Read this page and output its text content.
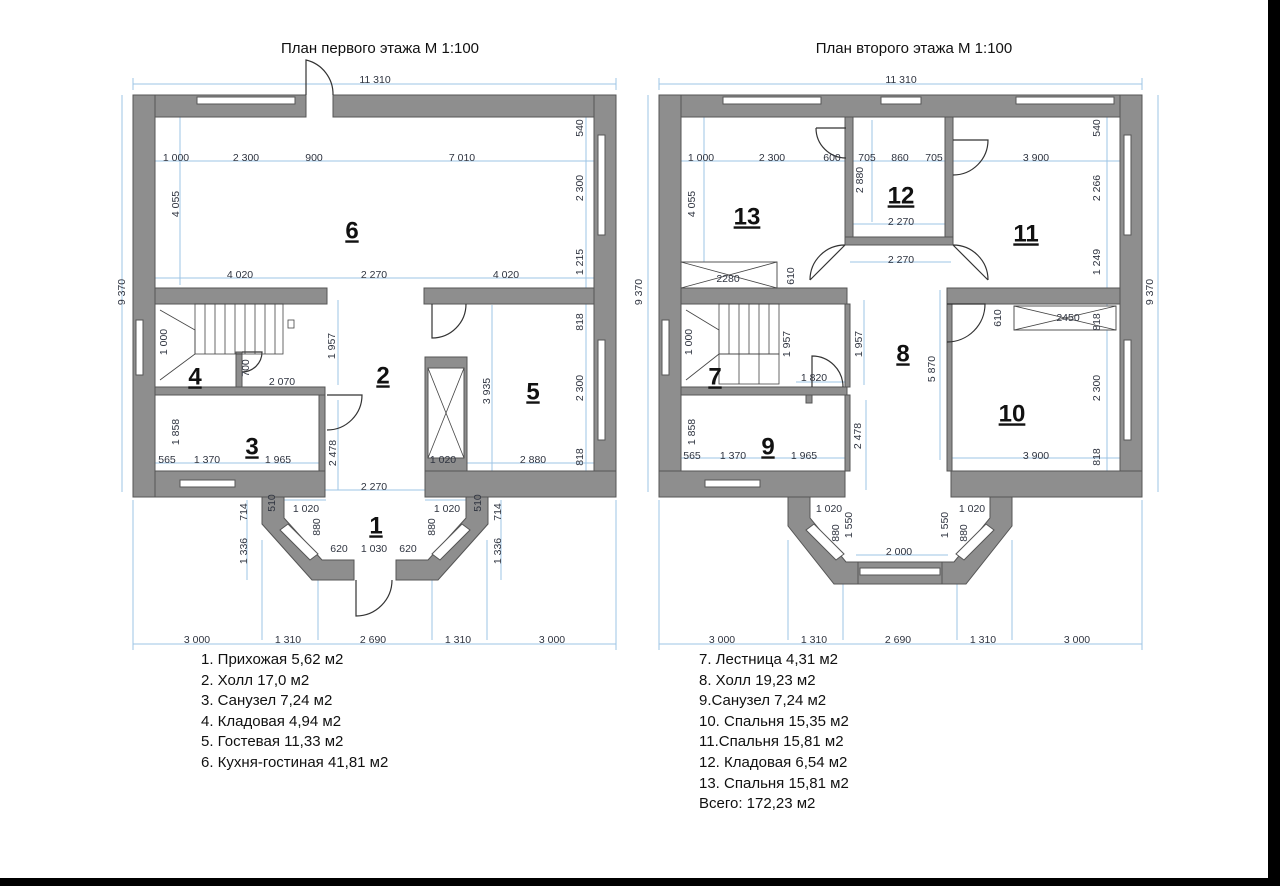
План первого этажа М 1:100
1
2
3
4
5
6
11 310
1 000	2 300	900	7 010
4 020	2 270	4 020
2 070
565 1 370	1 965	1 020	2 880
2 270
1 020	1 020
620 1 030 620
3 000	1 310	2 690	1 310	3 000
9 370
4 055
540
2 300
1 215
818
2 300
818
1 000
700
1 957
3 935
1 858
2 478
510	510
714	714
1 336	1 336
880	880
План второго этажа М 1:100
7
8
9
10
11
12
13
11 310
1 000	2 300	600 705 860 705	3 900
2 270
2 270
2280
2450
1 820
565 1 370	1 965	3 900
1 020	1 020
2 000
3 000	1 310	2 690	1 310	3 000
9 370	9 370
4 055
2 880
540
2 266
1 249
610
610	818
1 000	1 957	1 957
5 870
2 300
818
1 858	2 478
1 550	1 550
880	880
1. Прихожая 5,62 м2
2. Холл 17,0 м2
3. Санузел 7,24 м2
4. Кладовая 4,94 м2
5. Гостевая 11,33 м2
6. Кухня-гостиная 41,81 м2
7. Лестница 4,31 м2
8. Холл 19,23 м2
9.Санузел 7,24 м2
10. Спальня 15,35 м2
11.Спальня 15,81 м2
12. Кладовая 6,54 м2
13. Спальня 15,81 м2
Всего: 172,23 м2
